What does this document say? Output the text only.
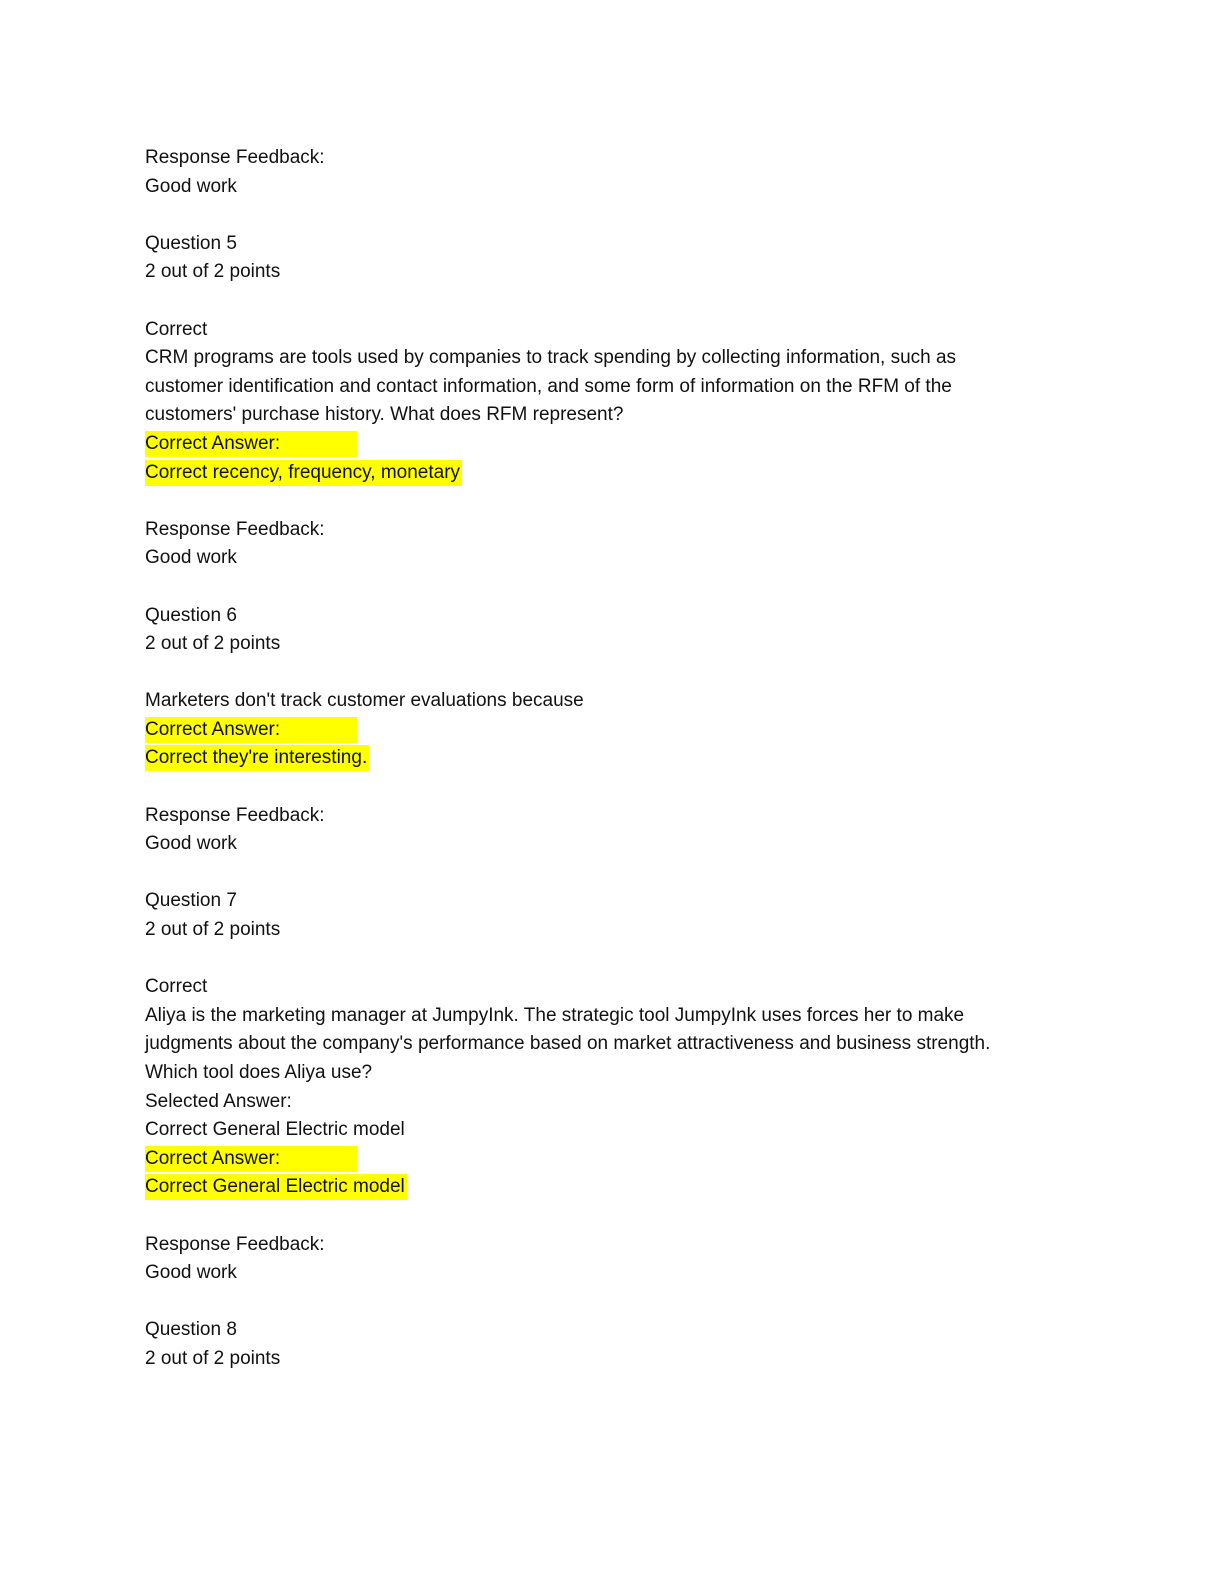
Response Feedback:
Good work
Question 5
2 out of 2 points
Correct
CRM programs are tools used by companies to track spending by collecting information, such as
customer identification and contact information, and some form of information on the RFM of the
customers' purchase history. What does RFM represent?
Correct Answer:
Correct recency, frequency, monetary
Response Feedback:
Good work
Question 6
2 out of 2 points
Marketers don't track customer evaluations because
Correct Answer:
Correct they're interesting.
Response Feedback:
Good work
Question 7
2 out of 2 points
Correct
Aliya is the marketing manager at JumpyInk. The strategic tool JumpyInk uses forces her to make
judgments about the company's performance based on market attractiveness and business strength.
Which tool does Aliya use?
Selected Answer:
Correct General Electric model
Correct Answer:
Correct General Electric model
Response Feedback:
Good work
Question 8
2 out of 2 points
